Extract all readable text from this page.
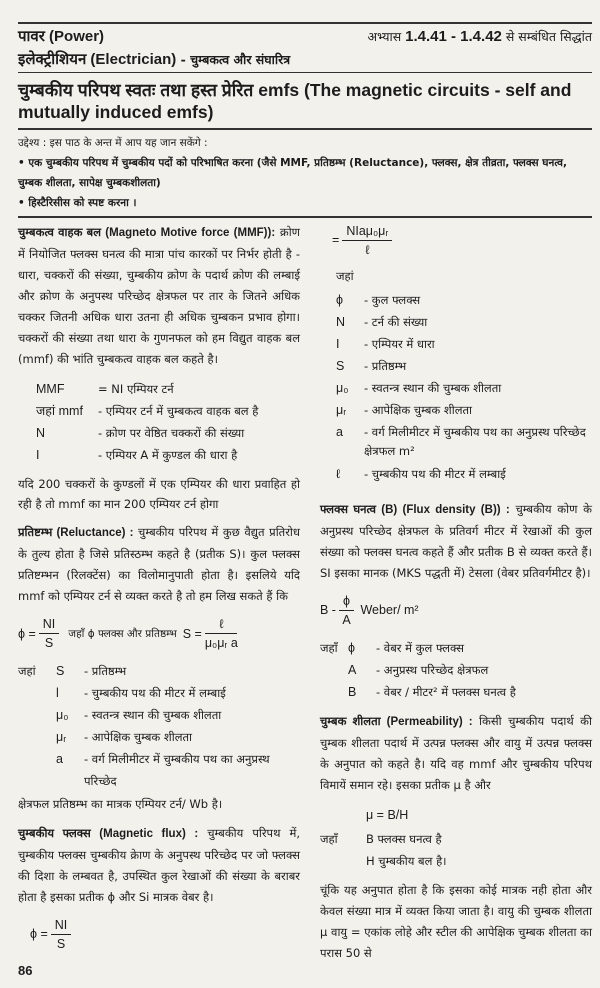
पावर (Power)	अभ्यास 1.4.41 - 1.4.42 से सम्बंधित सिद्धांत
इलेक्ट्रीशियन (Electrician) - चुम्बकत्व और संघारित्र
चुम्बकीय परिपथ स्वतः तथा हस्त प्रेरित emfs (The magnetic circuits - self and mutually induced emfs)
उद्देश्य : इस पाठ के अन्त में आप यह जान सकेंगे :
• एक चुम्बकीय परिपथ में चुम्बकीय पदों को परिभाषित करना (जैसे MMF, प्रतिष्ठम्भ (Reluctance), फ्लक्स, क्षेत्र तीव्रता, फ्लक्स घनत्व, चुम्बक शीलता, सापेक्ष चुम्बकशीलता)
• हिस्टैरिसीस को स्पष्ट करना ।
चुम्बकत्व वाहक बल (Magneto Motive force (MMF)): क्रोण में नियोजित फ्लक्स घनत्व की मात्रा पांच कारकों पर निर्भर होती है - धारा, चक्करों की संख्या, चुम्बकीय क्रोण के पदार्थ क्रोण की लम्बाई और क्रोण के अनुपस्थ परिच्छेद क्षेत्रफल पर तार के जितने अधिक चक्कर जितनी अधिक धारा उतना ही अधिक चुम्बकन प्रभाव होगा। चक्करों की संख्या तथा धारा के गुणनफल को हम विद्युत वाहक बल (mmf) की भांति चुम्बकत्व वाहक बल कहते है।
MMF	= NI एम्पियर टर्न
जहां mmf	- एम्पियर टर्न में चुम्बकत्व वाहक बल है
N	- क्रोण पर वेष्ठित चक्करों की संख्या
I	- एम्पियर A में कुण्डल की धारा है
यदि 200 चक्करों के कुण्डलों में एक एम्पियर की धारा प्रवाहित हो रही है तो mmf का मान 200 एम्पियर टर्न होगा
प्रतिष्टम्भ (Reluctance) : चुम्बकीय परिपथ में कुछ वैद्युत प्रतिरोध के तुल्य होता है जिसे प्रतिस्ठम्भ कहते है (प्रतीक S)। कुल फ्लक्स प्रतिष्टम्भन (रिलक्टेंस) का विलोमानुपाती होता है। इसलिये यदि mmf को एम्पियर टर्न से व्यक्त करते है तो हम लिख सकते हैं कि
$\phi = \frac{NI}{S}$ जहाँ ϕ फ्लक्स और प्रतिष्ठम्भ $S = \frac{\text{ℓ}}{\text{μ₀μᵣ a}}$
जहां	S	- प्रतिष्ठम्भ
l	- चुम्बकीय पथ की मीटर में लम्बाई
μ₀	- स्वतन्त्र स्थान की चुम्बक शीलता
μᵣ	- आपेक्षिक चुम्बक शीलता
a	- वर्ग मिलीमीटर में चुम्बकीय पथ का अनुप्रस्थ परिच्छेद
क्षेत्रफल प्रतिष्ठम्भ का मात्रक एम्पियर टर्न/ Wb है।
चुम्बकीय फ्लक्स (Magnetic flux) : चुम्बकीय परिपथ में, चुम्बकीय फ्लक्स चुम्बकीय क्रेाण के अनुपस्थ परिच्छेद पर जो फ्लक्स की दिशा के लम्बवत है, उपस्थित कुल रेखाओं की संख्या के बराबर होता है इसका प्रतीक ϕ और Si मात्रक वेबर है।
$\phi = \frac{NI}{S}$
86
= $\frac{\text{NIaμ₀μᵣ}}{\text{ℓ}}$
जहां
ϕ	- कुल फ्लक्स
N	- टर्न की संख्या
I	- एम्पियर में धारा
S	- प्रतिष्ठम्भ
μ₀	- स्वतन्त्र स्थान की चुम्बक शीलता
μᵣ	- आपेक्षिक चुम्बक शीलता
a	- वर्ग मिलीमीटर में चुम्बकीय पथ का अनुप्रस्थ परिच्छेद क्षेत्रफल m²
ℓ	- चुम्बकीय पथ की मीटर में लम्बाई
फ्लक्स घनत्व (B) (Flux density (B)) : चुम्बकीय कोण के अनुप्रस्थ परिच्छेद क्षेत्रफल के प्रतिवर्ग मीटर में रेखाओं की कुल संख्या को फ्लक्स घनत्व कहते हैं और प्रतीक B से व्यक्त करते हैं। SI इसका मानक (MKS पद्धती में) टेसला (वेबर प्रतिवर्गमीटर है)।
B - $\frac{\phi}{A}$ Weber/ m²
जहाँ ϕ	- वेबर में कुल फ्लक्स
A	- अनुप्रस्थ परिच्छेद क्षेत्रफल
B	- वेबर / मीटर² में फ्लक्स घनत्व है
चुम्बक शीलता (Permeability) : किसी चुम्बकीय पदार्थ की चुम्बक शीलता पदार्थ में उत्पन्न फ्लक्स और वायु में उत्पन्न फ्लक्स के अनुपात को कहते है। यदि वह mmf और चुम्बकीय परिपथ विमायें समान रहे। इसका प्रतीक μ है और
μ = B/H
जहाँ	B फ्लक्स घनत्व है
H चुम्बकीय बल है।
चूंकि यह अनुपात होता है कि इसका कोई मात्रक नही होता और केवल संख्या मात्र में व्यक्त किया जाता है। वायु की चुम्बक शीलता μ वायु = एकांक लोहे और स्टील की आपेक्षिक चुम्बक शीलता का परास 50 से
